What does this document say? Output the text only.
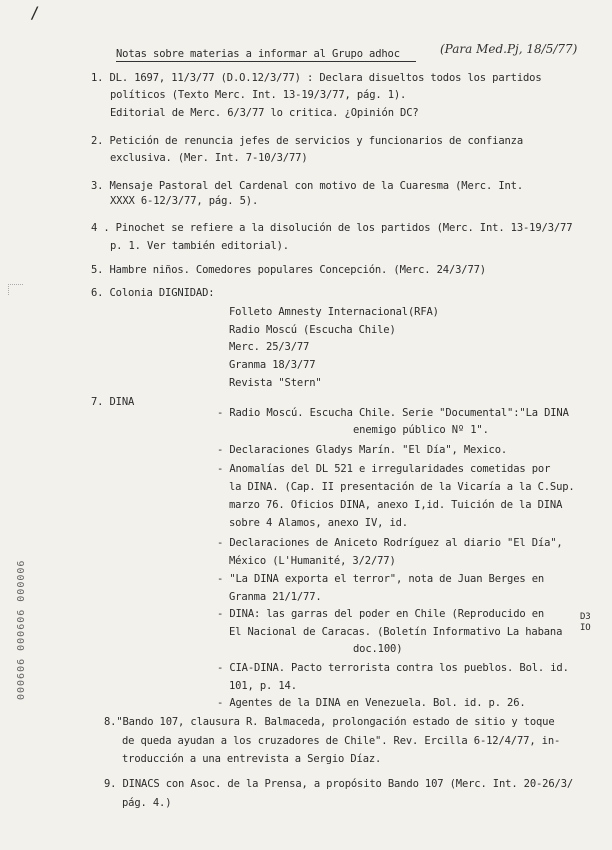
/
Notas sobre materias a informar al Grupo adhoc	(Para Med.Pj, 18/5/77)
1. DL. 1697, 11/3/77 (D.O.12/3/77) : Declara disueltos todos los partidos
políticos (Texto Merc. Int. 13-19/3/77, pág. 1).
Editorial de Merc. 6/3/77 lo critica. ¿Opinión DC?
2. Petición de renuncia jefes de servicios y funcionarios de confianza
exclusiva. (Mer. Int. 7-10/3/77)
3. Mensaje Pastoral del Cardenal con motivo de la Cuaresma (Merc. Int.
XXXX 6-12/3/77, pág. 5).
4 . Pinochet se refiere a la disolución de los partidos (Merc. Int. 13-19/3/77
p. 1. Ver también editorial).
5. Hambre niños. Comedores populares Concepción. (Merc. 24/3/77)
6. Colonia DIGNIDAD:
Folleto Amnesty Internacional(RFA)
Radio Moscú (Escucha Chile)
Merc. 25/3/77
Granma 18/3/77
Revista "Stern"
7. DINA
- Radio Moscú. Escucha Chile. Serie "Documental":"La DINA
enemigo público Nº 1".
- Declaraciones Gladys Marín. "El Día", Mexico.
- Anomalías del DL 521 e irregularidades cometidas por
la DINA. (Cap. II presentación de la Vicaría a la C.Sup.
marzo 76. Oficios DINA, anexo I,id. Tuición de la DINA
sobre 4 Alamos, anexo IV, id.
- Declaraciones de Aniceto Rodríguez al diario "El Día",
México (L'Humanité, 3/2/77)
- "La DINA exporta el terror", nota de Juan Berges en
Granma 21/1/77.
- DINA: las garras del poder en Chile (Reproducido en
El Nacional de Caracas. (Boletín Informativo La habana
doc.100)
- CIA-DINA. Pacto terrorista contra los pueblos. Bol. id.
101, p. 14.
- Agentes de la DINA en Venezuela. Bol. id. p. 26.
D3
IO
8."Bando 107, clausura R. Balmaceda, prolongación estado de sitio y toque
de queda ayudan a los cruzadores de Chile". Rev. Ercilla 6-12/4/77, in-
troducción a una entrevista a Sergio Díaz.
9. DINACS con Asoc. de la Prensa, a propósito Bando 107 (Merc. Int. 20-26/3/
pág. 4.)
000606 000606 000006
